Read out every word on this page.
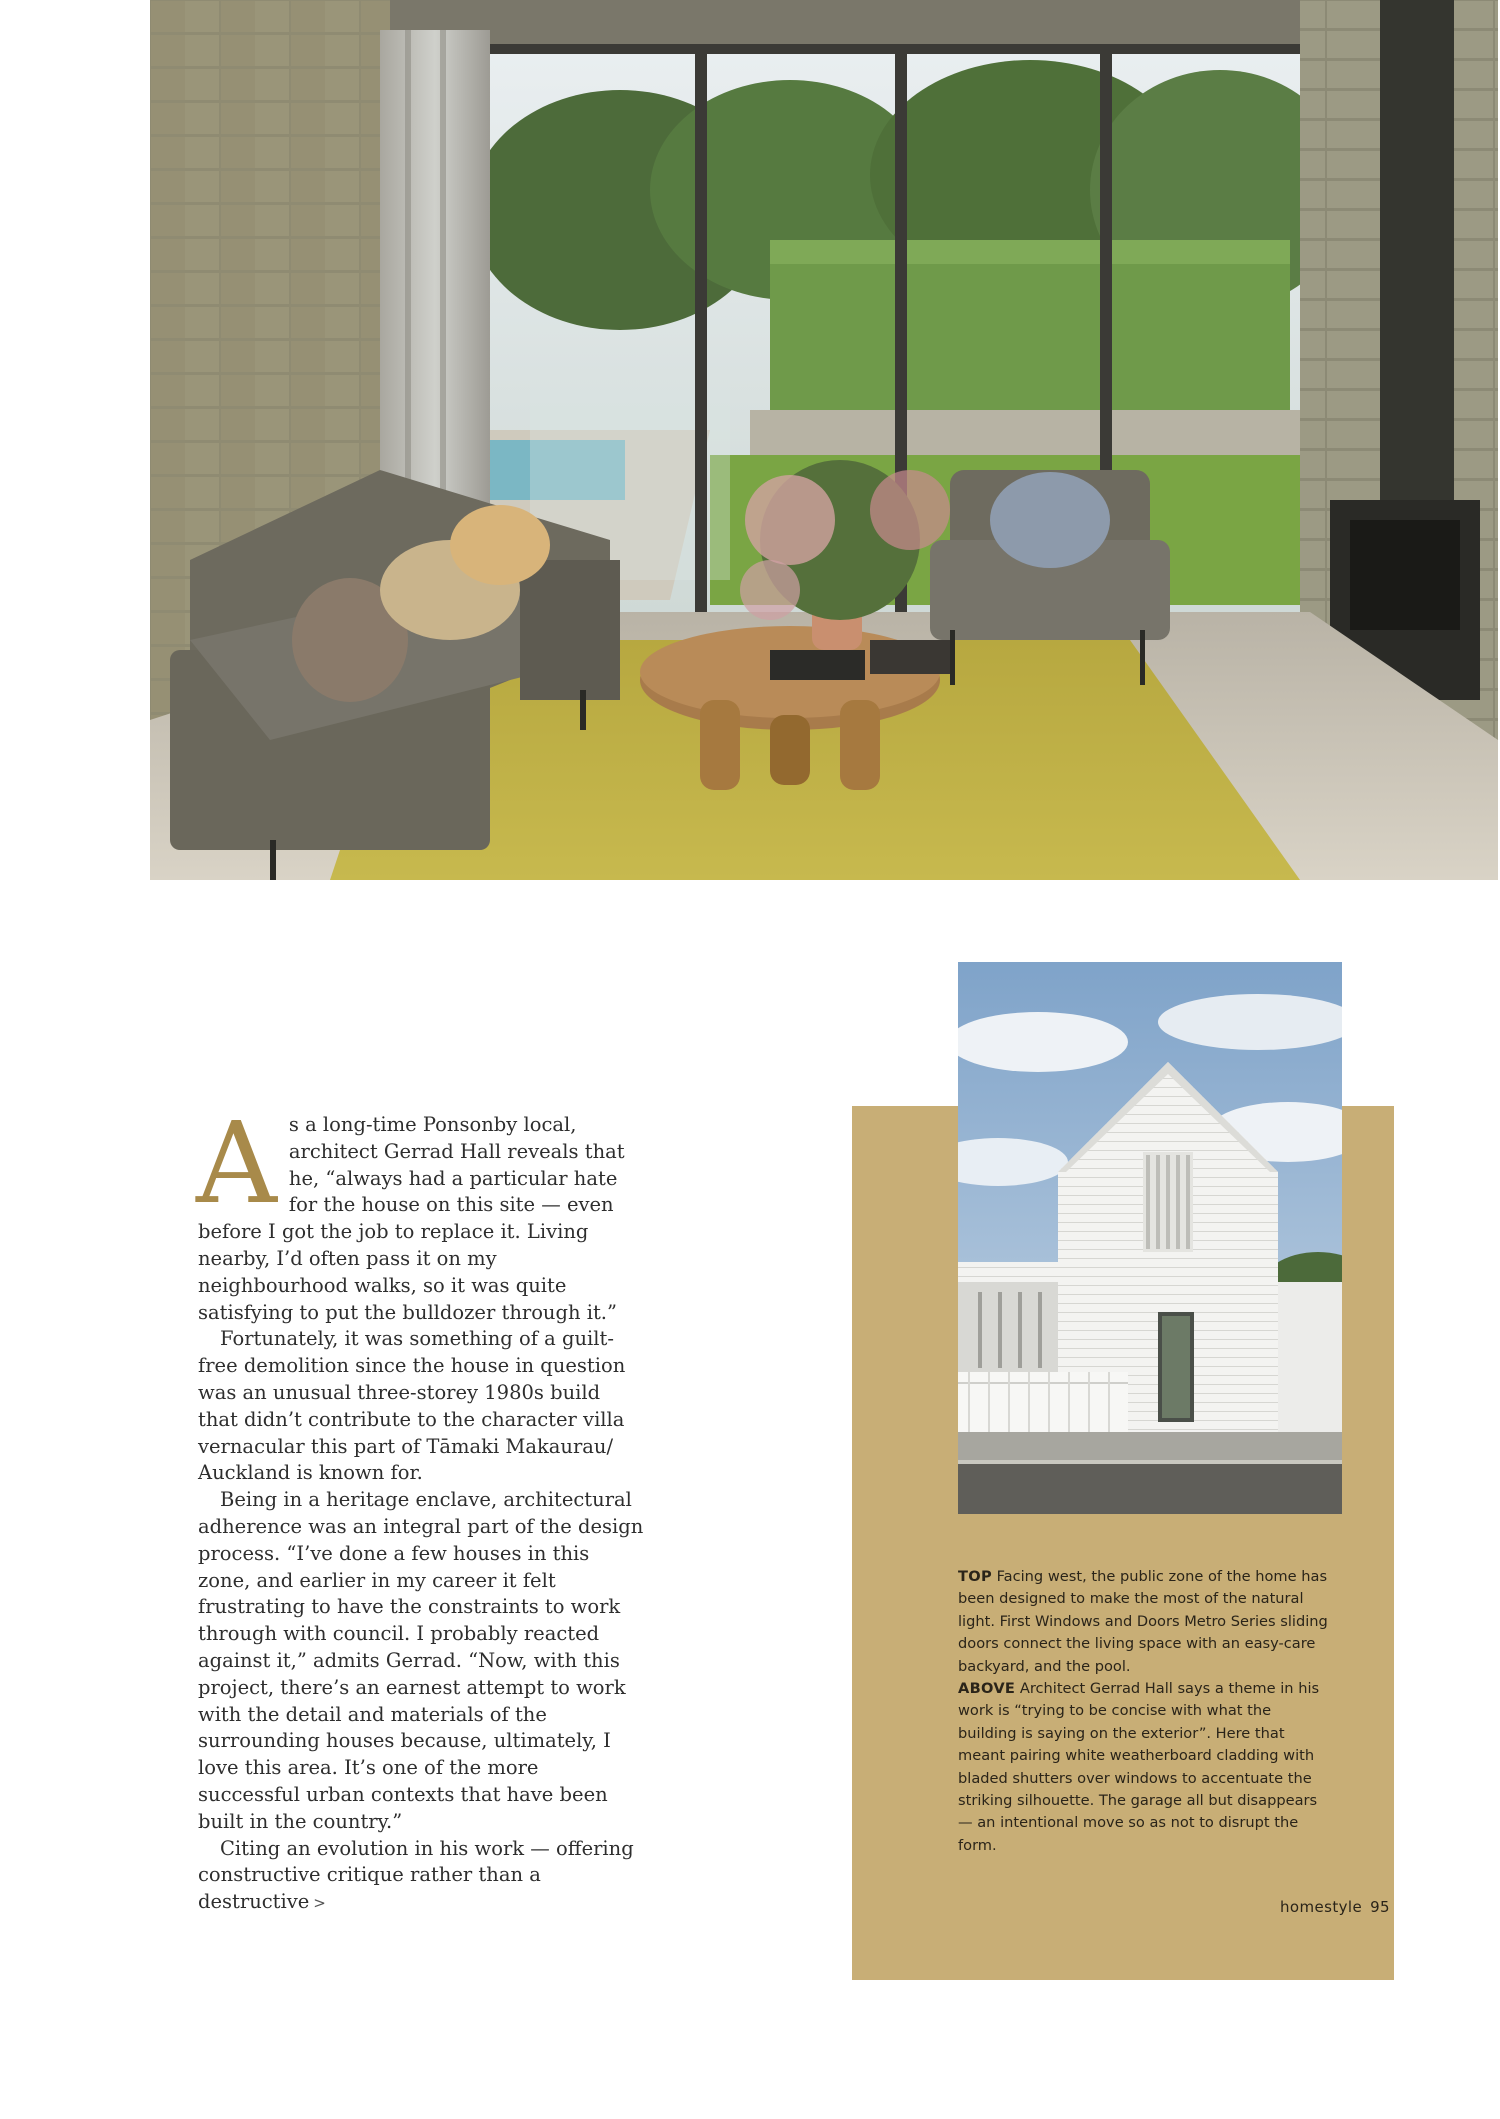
A s a long-time Ponsonby local, architect Gerrad Hall reveals that he, “always had a particular hate for the house on this site — even before I got the job to replace it. Living nearby, I’d often pass it on my neighbourhood walks, so it was quite satisfying to put the bulldozer through it.”

Fortunately, it was something of a guilt-free demolition since the house in question was an unusual three-storey 1980s build that didn’t contribute to the character villa vernacular this part of Tāmaki Makaurau/ Auckland is known for.

Being in a heritage enclave, architectural adherence was an integral part of the design process. “I’ve done a few houses in this zone, and earlier in my career it felt frustrating to have the constraints to work through with council. I probably reacted against it,” admits Gerrad. “Now, with this project, there’s an earnest attempt to work with the detail and materials of the surrounding houses because, ultimately, I love this area. It’s one of the more successful urban contexts that have been built in the country.”

Citing an evolution in his work — offering constructive critique rather than a destructive >

TOP Facing west, the public zone of the home has been designed to make the most of the natural light. First Windows and Doors Metro Series sliding doors connect the living space with an easy-care backyard, and the pool.

ABOVE Architect Gerrad Hall says a theme in his work is “trying to be concise with what the building is saying on the exterior”. Here that meant pairing white weatherboard cladding with bladed shutters over windows to accentuate the striking silhouette. The garage all but disappears — an intentional move so as not to disrupt the form.

homestyle 95
